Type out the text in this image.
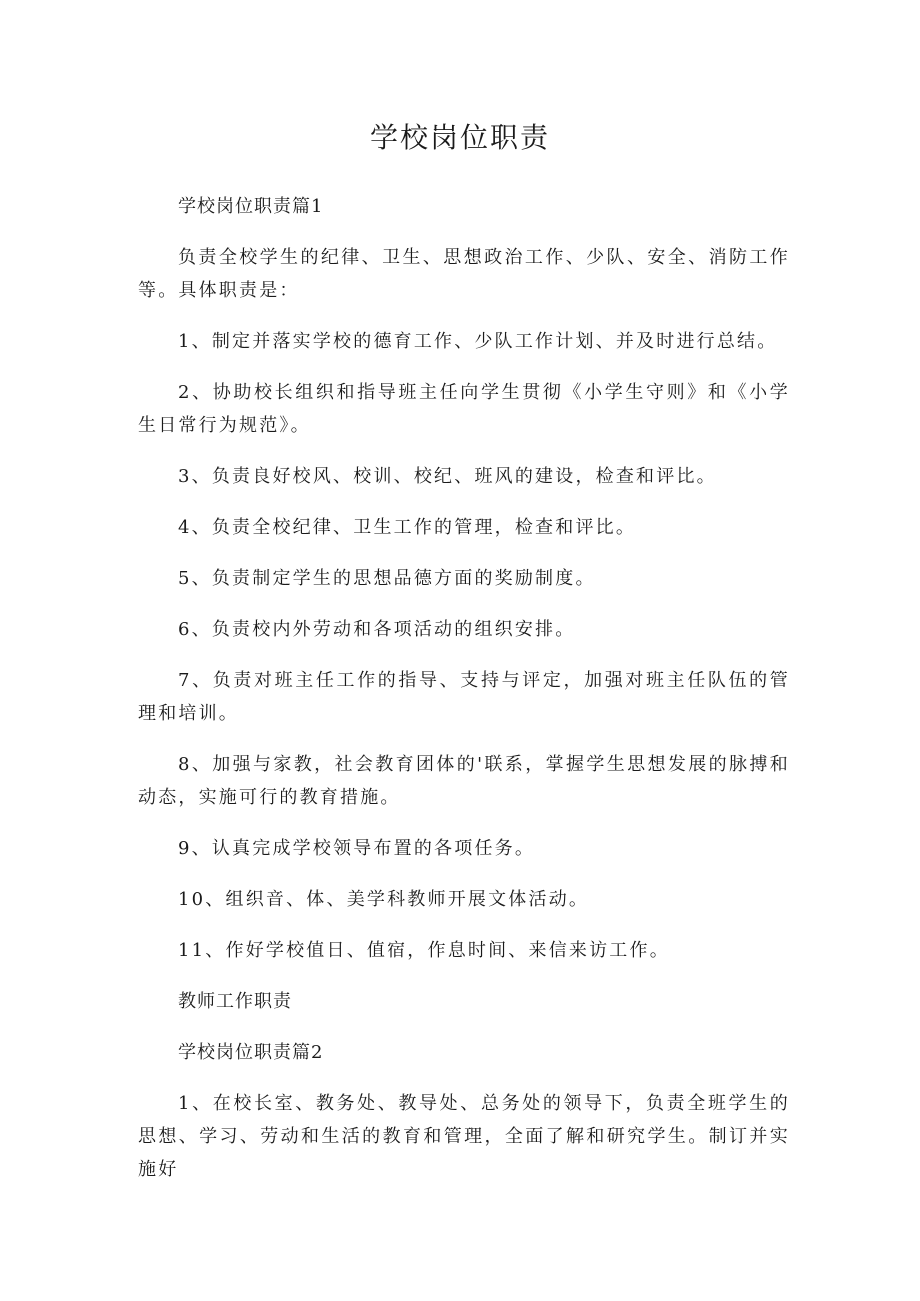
学校岗位职责

学校岗位职责篇1

负责全校学生的纪律、卫生、思想政治工作、少队、安全、消防工作等。具体职责是：

1、制定并落实学校的德育工作、少队工作计划、并及时进行总结。

2、协助校长组织和指导班主任向学生贯彻《小学生守则》和《小学生日常行为规范》。

3、负责良好校风、校训、校纪、班风的建设，检查和评比。

4、负责全校纪律、卫生工作的管理，检查和评比。

5、负责制定学生的思想品德方面的奖励制度。

6、负责校内外劳动和各项活动的组织安排。

7、负责对班主任工作的指导、支持与评定，加强对班主任队伍的管理和培训。

8、加强与家教，社会教育团体的'联系，掌握学生思想发展的脉搏和动态，实施可行的教育措施。

9、认真完成学校领导布置的各项任务。

10、组织音、体、美学科教师开展文体活动。

11、作好学校值日、值宿，作息时间、来信来访工作。

教师工作职责

学校岗位职责篇2

1、在校长室、教务处、教导处、总务处的领导下，负责全班学生的思想、学习、劳动和生活的教育和管理，全面了解和研究学生。制订并实施好
